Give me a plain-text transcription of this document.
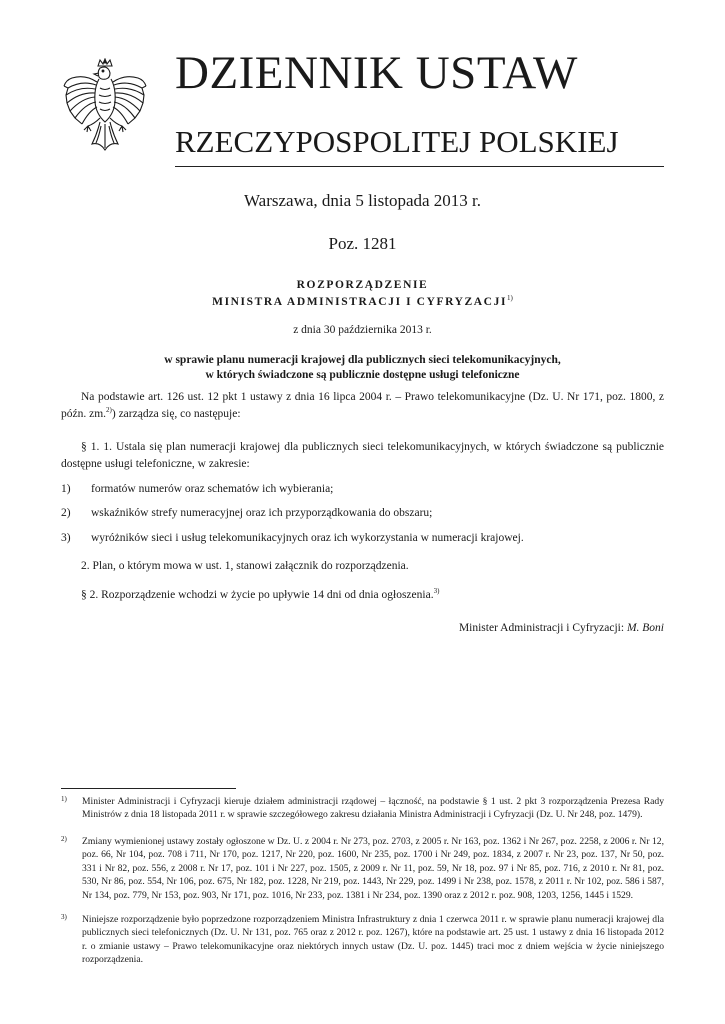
DZIENNIK USTAW
RZECZYPOSPOLITEJ POLSKIEJ
Warszawa, dnia 5 listopada 2013 r.
Poz. 1281
ROZPORZĄDZENIE
MINISTRA ADMINISTRACJI I CYFRYZACJI$^{1)}$
z dnia 30 października 2013 r.
w sprawie planu numeracji krajowej dla publicznych sieci telekomunikacyjnych,
w których świadczone są publicznie dostępne usługi telefoniczne
Na podstawie art. 126 ust. 12 pkt 1 ustawy z dnia 16 lipca 2004 r. – Prawo telekomunikacyjne (Dz. U. Nr 171, poz. 1800, z późn. zm.$^{2)}$) zarządza się, co następuje:
§ 1. 1. Ustala się plan numeracji krajowej dla publicznych sieci telekomunikacyjnych, w których świadczone są publicznie dostępne usługi telefoniczne, w zakresie:
1) formatów numerów oraz schematów ich wybierania;
2) wskaźników strefy numeracyjnej oraz ich przyporządkowania do obszaru;
3) wyróżników sieci i usług telekomunikacyjnych oraz ich wykorzystania w numeracji krajowej.
2. Plan, o którym mowa w ust. 1, stanowi załącznik do rozporządzenia.
§ 2. Rozporządzenie wchodzi w życie po upływie 14 dni od dnia ogłoszenia.$^{3)}$
Minister Administracji i Cyfryzacji: M. Boni
1) Minister Administracji i Cyfryzacji kieruje działem administracji rządowej – łączność, na podstawie § 1 ust. 2 pkt 3 rozporządzenia Prezesa Rady Ministrów z dnia 18 listopada 2011 r. w sprawie szczegółowego zakresu działania Ministra Administracji i Cyfryzacji (Dz. U. Nr 248, poz. 1479).
2) Zmiany wymienionej ustawy zostały ogłoszone w Dz. U. z 2004 r. Nr 273, poz. 2703, z 2005 r. Nr 163, poz. 1362 i Nr 267, poz. 2258, z 2006 r. Nr 12, poz. 66, Nr 104, poz. 708 i 711, Nr 170, poz. 1217, Nr 220, poz. 1600, Nr 235, poz. 1700 i Nr 249, poz. 1834, z 2007 r. Nr 23, poz. 137, Nr 50, poz. 331 i Nr 82, poz. 556, z 2008 r. Nr 17, poz. 101 i Nr 227, poz. 1505, z 2009 r. Nr 11, poz. 59, Nr 18, poz. 97 i Nr 85, poz. 716, z 2010 r. Nr 81, poz. 530, Nr 86, poz. 554, Nr 106, poz. 675, Nr 182, poz. 1228, Nr 219, poz. 1443, Nr 229, poz. 1499 i Nr 238, poz. 1578, z 2011 r. Nr 102, poz. 586 i 587, Nr 134, poz. 779, Nr 153, poz. 903, Nr 171, poz. 1016, Nr 233, poz. 1381 i Nr 234, poz. 1390 oraz z 2012 r. poz. 908, 1203, 1256, 1445 i 1529.
3) Niniejsze rozporządzenie było poprzedzone rozporządzeniem Ministra Infrastruktury z dnia 1 czerwca 2011 r. w sprawie planu numeracji krajowej dla publicznych sieci telefonicznych (Dz. U. Nr 131, poz. 765 oraz z 2012 r. poz. 1267), które na podstawie art. 25 ust. 1 ustawy z dnia 16 listopada 2012 r. o zmianie ustawy – Prawo telekomunikacyjne oraz niektórych innych ustaw (Dz. U. poz. 1445) traci moc z dniem wejścia w życie niniejszego rozporządzenia.
